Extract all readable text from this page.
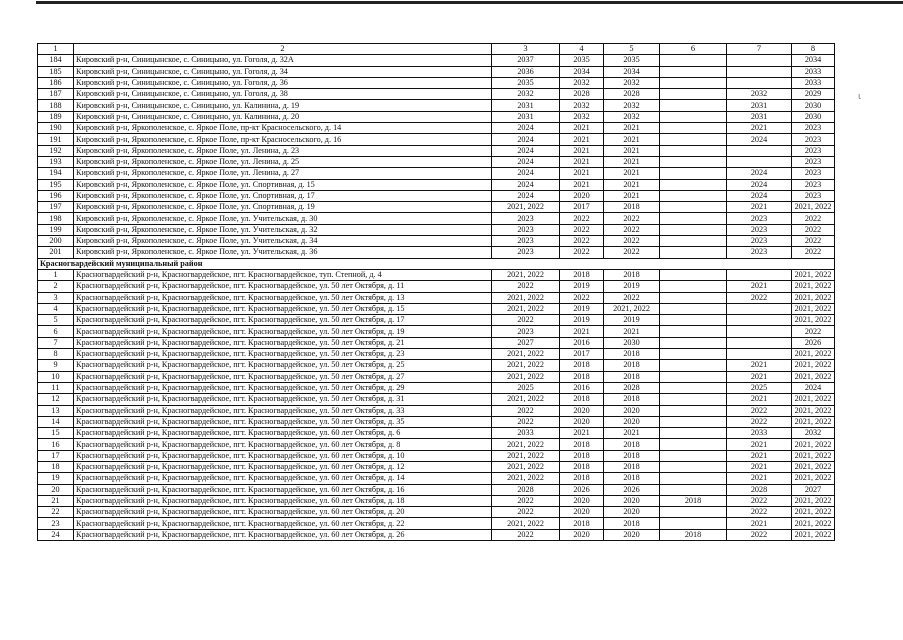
1	2	3	4	5	6	7	8
184	Кировский р-н, Синицынское, с. Синицыно, ул. Гоголя, д. 32А	2037	2035	2035			2034
185	Кировский р-н, Синицынское, с. Синицыно, ул. Гоголя, д. 34	2036	2034	2034			2033
186	Кировский р-н, Синицынское, с. Синицыно, ул. Гоголя, д. 36	2035	2032	2032			2033
187	Кировский р-н, Синицынское, с. Синицыно, ул. Гоголя, д. 38	2032	2028	2028		2032	2029
188	Кировский р-н, Синицынское, с. Синицыно, ул. Калинина, д. 19	2031	2032	2032		2031	2030
189	Кировский р-н, Синицынское, с. Синицыно, ул. Калинина, д. 20	2031	2032	2032		2031	2030
190	Кировский р-н, Яркополенское, с. Яркое Поле, пр-кт Красносельского, д. 14	2024	2021	2021		2021	2023
191	Кировский р-н, Яркополенское, с. Яркое Поле, пр-кт Красносельского, д. 16	2024	2021	2021		2024	2023
192	Кировский р-н, Яркополенское, с. Яркое Поле, ул. Ленина, д. 23	2024	2021	2021			2023
193	Кировский р-н, Яркополенское, с. Яркое Поле, ул. Ленина, д. 25	2024	2021	2021			2023
194	Кировский р-н, Яркополенское, с. Яркое Поле, ул. Ленина, д. 27	2024	2021	2021		2024	2023
195	Кировский р-н, Яркополенское, с. Яркое Поле, ул. Спортивная, д. 15	2024	2021	2021		2024	2023
196	Кировский р-н, Яркополенское, с. Яркое Поле, ул. Спортивная, д. 17	2024	2020	2021		2024	2023
197	Кировский р-н, Яркополенское, с. Яркое Поле, ул. Спортивная, д. 19	2021, 2022	2017	2018		2021	2021, 2022
198	Кировский р-н, Яркополенское, с. Яркое Поле, ул. Учительская, д. 30	2023	2022	2022		2023	2022
199	Кировский р-н, Яркополенское, с. Яркое Поле, ул. Учительская, д. 32	2023	2022	2022		2023	2022
200	Кировский р-н, Яркополенское, с. Яркое Поле, ул. Учительская, д. 34	2023	2022	2022		2023	2022
201	Кировский р-н, Яркополенское, с. Яркое Поле, ул. Учительская, д. 36	2023	2022	2022		2023	2022
Красногвардейский муниципальный район							
1	Красногвардейский р-н, Красногвардейское, пгт. Красногвардейское, туп. Степной, д. 4	2021, 2022	2018	2018			2021, 2022
2	Красногвардейский р-н, Красногвардейское, пгт. Красногвардейское, ул. 50 лет Октября, д. 11	2022	2019	2019		2021	2021, 2022
3	Красногвардейский р-н, Красногвардейское, пгт. Красногвардейское, ул. 50 лет Октября, д. 13	2021, 2022	2022	2022		2022	2021, 2022
4	Красногвардейский р-н, Красногвардейское, пгт. Красногвардейское, ул. 50 лет Октября, д. 15	2021, 2022	2019	2021, 2022			2021, 2022
5	Красногвардейский р-н, Красногвардейское, пгт. Красногвардейское, ул. 50 лет Октября, д. 17	2022	2019	2019			2021, 2022
6	Красногвардейский р-н, Красногвардейское, пгт. Красногвардейское, ул. 50 лет Октября, д. 19	2023	2021	2021			2022
7	Красногвардейский р-н, Красногвардейское, пгт. Красногвардейское, ул. 50 лет Октября, д. 21	2027	2016	2030			2026
8	Красногвардейский р-н, Красногвардейское, пгт. Красногвардейское, ул. 50 лет Октября, д. 23	2021, 2022	2017	2018			2021, 2022
9	Красногвардейский р-н, Красногвардейское, пгт. Красногвардейское, ул. 50 лет Октября, д. 25	2021, 2022	2018	2018		2021	2021, 2022
10	Красногвардейский р-н, Красногвардейское, пгт. Красногвардейское, ул. 50 лет Октября, д. 27	2021, 2022	2018	2018		2021	2021, 2022
11	Красногвардейский р-н, Красногвардейское, пгт. Красногвардейское, ул. 50 лет Октября, д. 29	2025	2016	2028		2025	2024
12	Красногвардейский р-н, Красногвардейское, пгт. Красногвардейское, ул. 50 лет Октября, д. 31	2021, 2022	2018	2018		2021	2021, 2022
13	Красногвардейский р-н, Красногвардейское, пгт. Красногвардейское, ул. 50 лет Октября, д. 33	2022	2020	2020		2022	2021, 2022
14	Красногвардейский р-н, Красногвардейское, пгт. Красногвардейское, ул. 50 лет Октября, д. 35	2022	2020	2020		2022	2021, 2022
15	Красногвардейский р-н, Красногвардейское, пгт. Красногвардейское, ул. 60 лет Октября, д. 6	2033	2021	2021		2033	2032
16	Красногвардейский р-н, Красногвардейское, пгт. Красногвардейское, ул. 60 лет Октября, д. 8	2021, 2022	2018	2018		2021	2021, 2022
17	Красногвардейский р-н, Красногвардейское, пгт. Красногвардейское, ул. 60 лет Октября, д. 10	2021, 2022	2018	2018		2021	2021, 2022
18	Красногвардейский р-н, Красногвардейское, пгт. Красногвардейское, ул. 60 лет Октября, д. 12	2021, 2022	2018	2018		2021	2021, 2022
19	Красногвардейский р-н, Красногвардейское, пгт. Красногвардейское, ул. 60 лет Октября, д. 14	2021, 2022	2018	2018		2021	2021, 2022
20	Красногвардейский р-н, Красногвардейское, пгт. Красногвардейское, ул. 60 лет Октября, д. 16	2028	2026	2026		2028	2027
21	Красногвардейский р-н, Красногвардейское, пгт. Красногвардейское, ул. 60 лет Октября, д. 18	2022	2020	2020	2018	2022	2021, 2022
22	Красногвардейский р-н, Красногвардейское, пгт. Красногвардейское, ул. 60 лет Октября, д. 20	2022	2020	2020		2022	2021, 2022
23	Красногвардейский р-н, Красногвардейское, пгт. Красногвардейское, ул. 60 лет Октября, д. 22	2021, 2022	2018	2018		2021	2021, 2022
24	Красногвардейский р-н, Красногвардейское, пгт. Красногвардейское, ул. 60 лет Октября, д. 26	2022	2020	2020	2018	2022	2021, 2022
ι
